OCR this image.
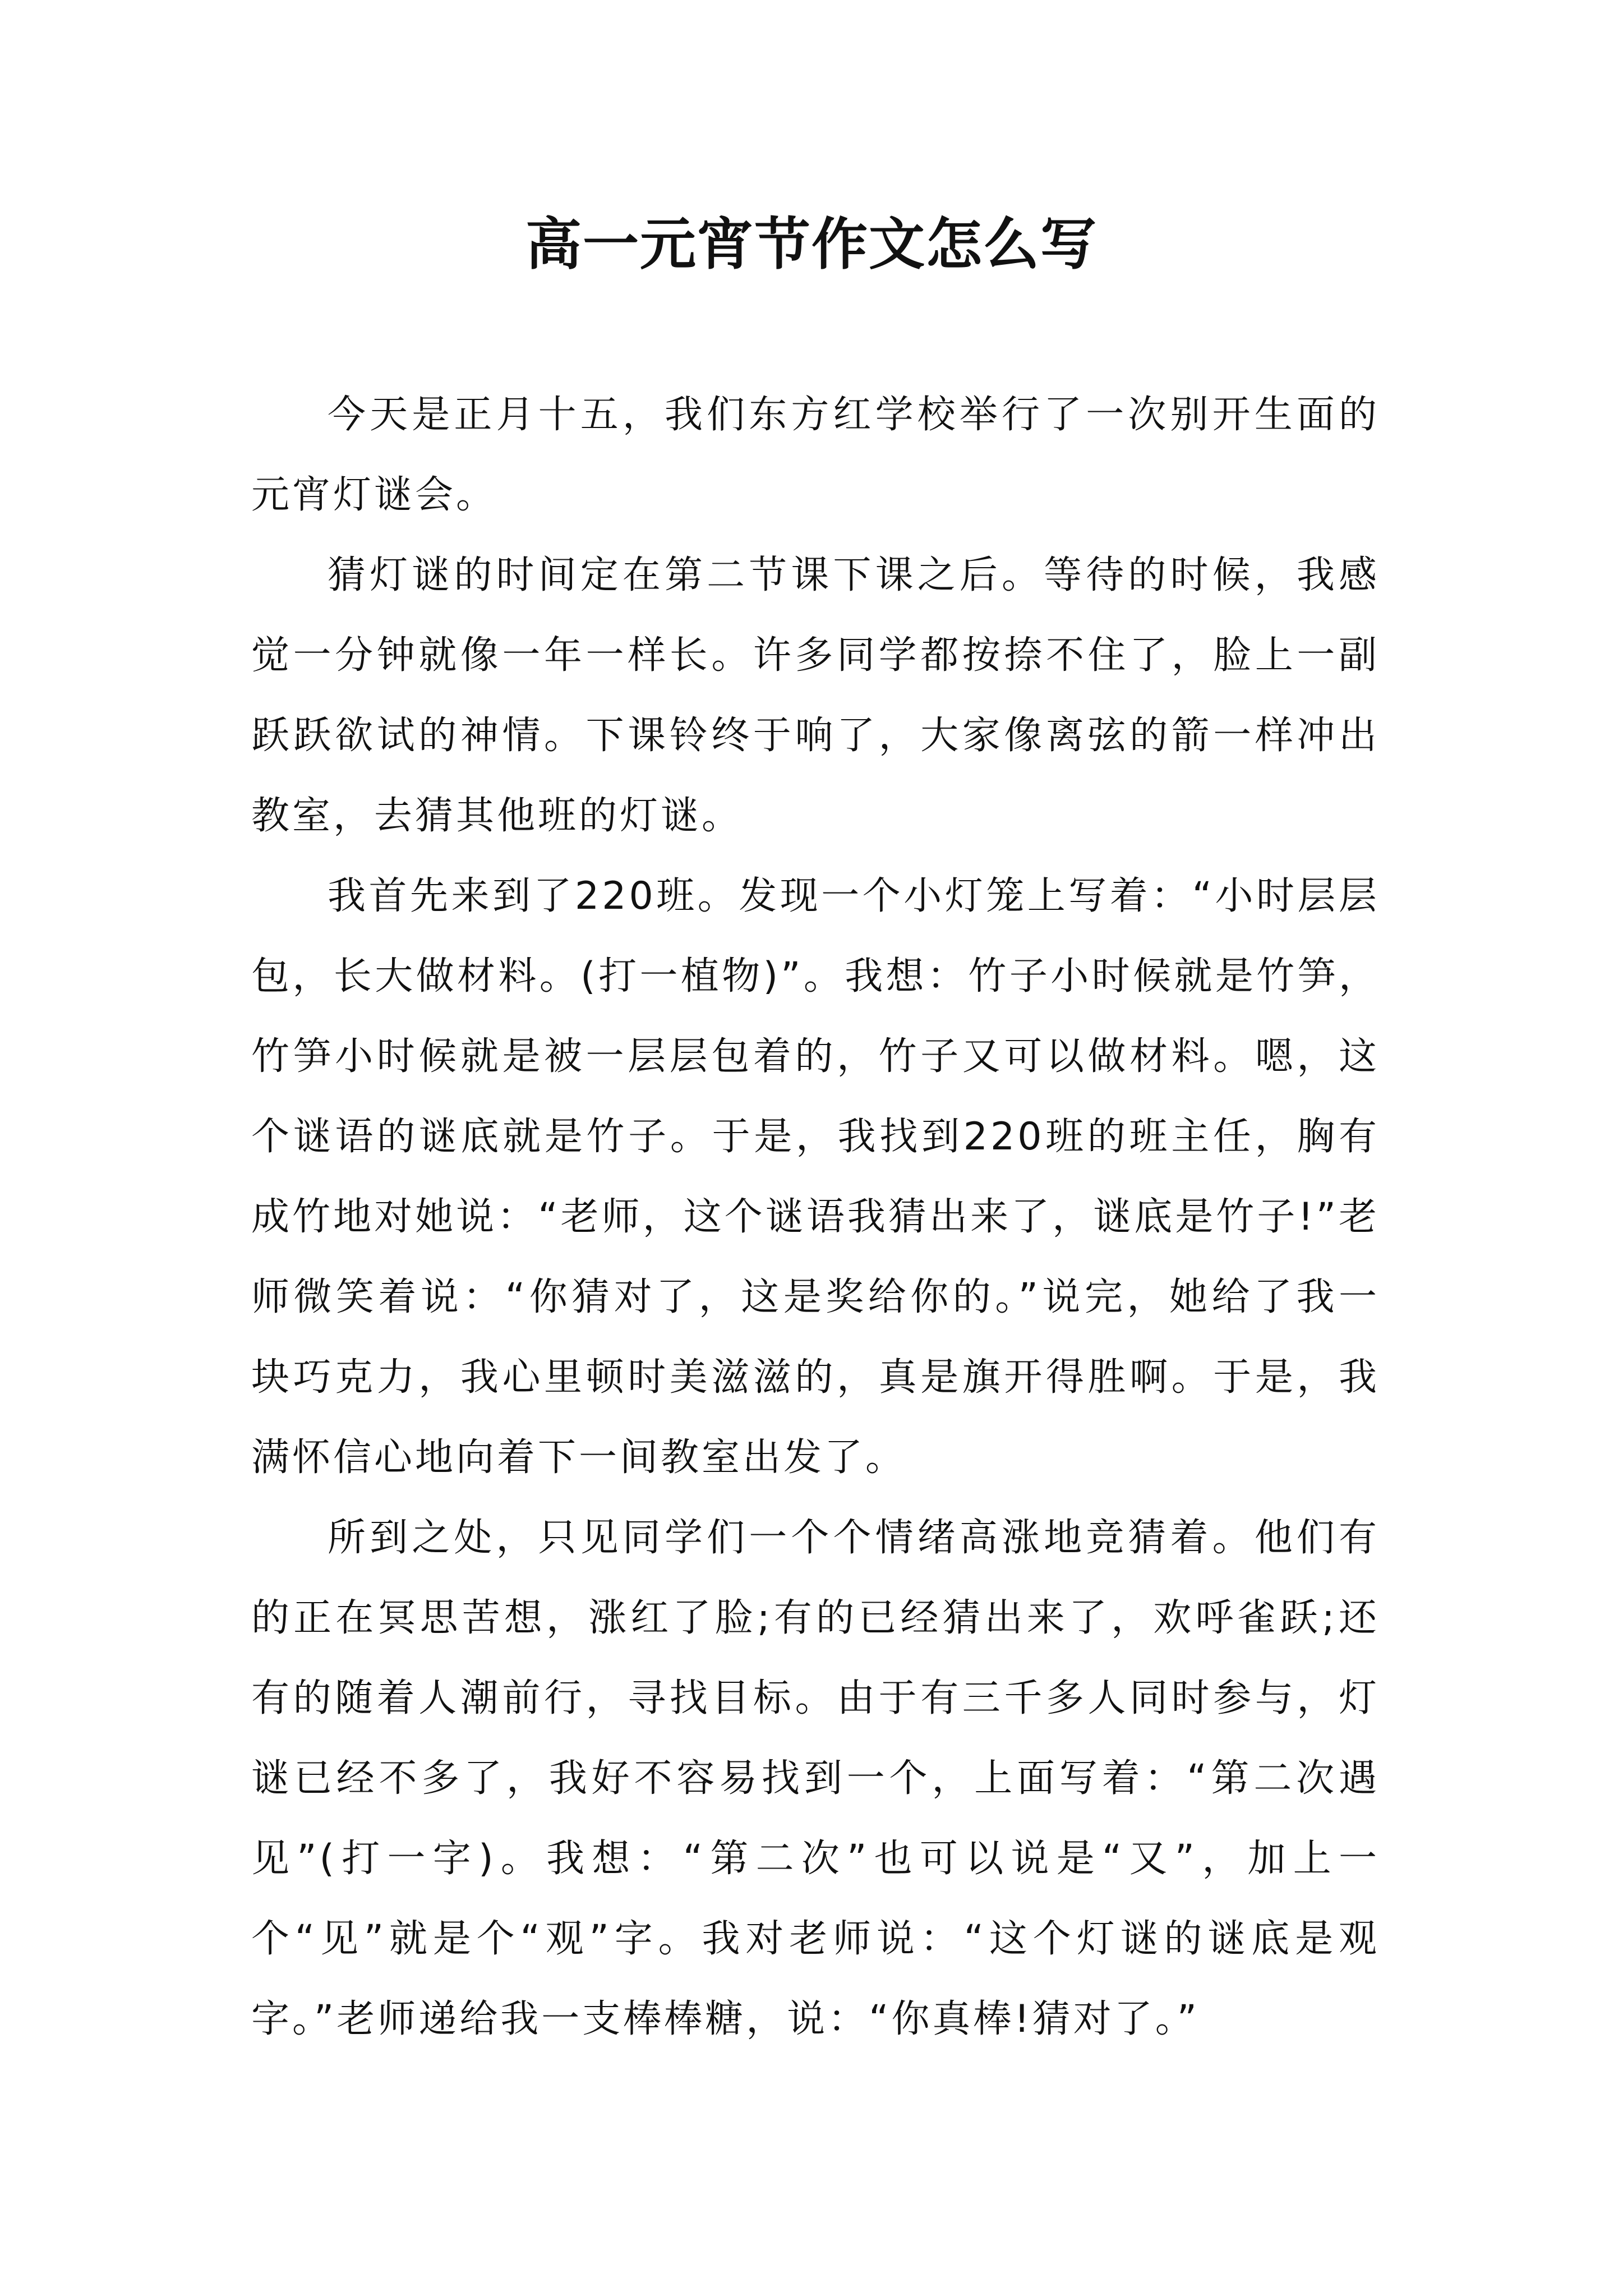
高一元宵节作文怎么写

今天是正月十五，我们东方红学校举行了一次别开生面的元宵灯谜会。

猜灯谜的时间定在第二节课下课之后。等待的时候，我感觉一分钟就像一年一样长。许多同学都按捺不住了，脸上一副跃跃欲试的神情。下课铃终于响了，大家像离弦的箭一样冲出教室，去猜其他班的灯谜。

我首先来到了220班。发现一个小灯笼上写着：“小时层层包，长大做材料。(打一植物)”。我想：竹子小时候就是竹笋，竹笋小时候就是被一层层包着的，竹子又可以做材料。嗯，这个谜语的谜底就是竹子。于是，我找到220班的班主任，胸有成竹地对她说：“老师，这个谜语我猜出来了，谜底是竹子!”老师微笑着说：“你猜对了，这是奖给你的。”说完，她给了我一块巧克力，我心里顿时美滋滋的，真是旗开得胜啊。于是，我满怀信心地向着下一间教室出发了。

所到之处，只见同学们一个个情绪高涨地竞猜着。他们有的正在冥思苦想，涨红了脸;有的已经猜出来了，欢呼雀跃;还有的随着人潮前行，寻找目标。由于有三千多人同时参与，灯谜已经不多了，我好不容易找到一个，上面写着：“第二次遇见”(打一字)。我想：“第二次”也可以说是“又”，加上一个“见”就是个“观”字。我对老师说：“这个灯谜的谜底是观字。”老师递给我一支棒棒糖，说：“你真棒!猜对了。”
